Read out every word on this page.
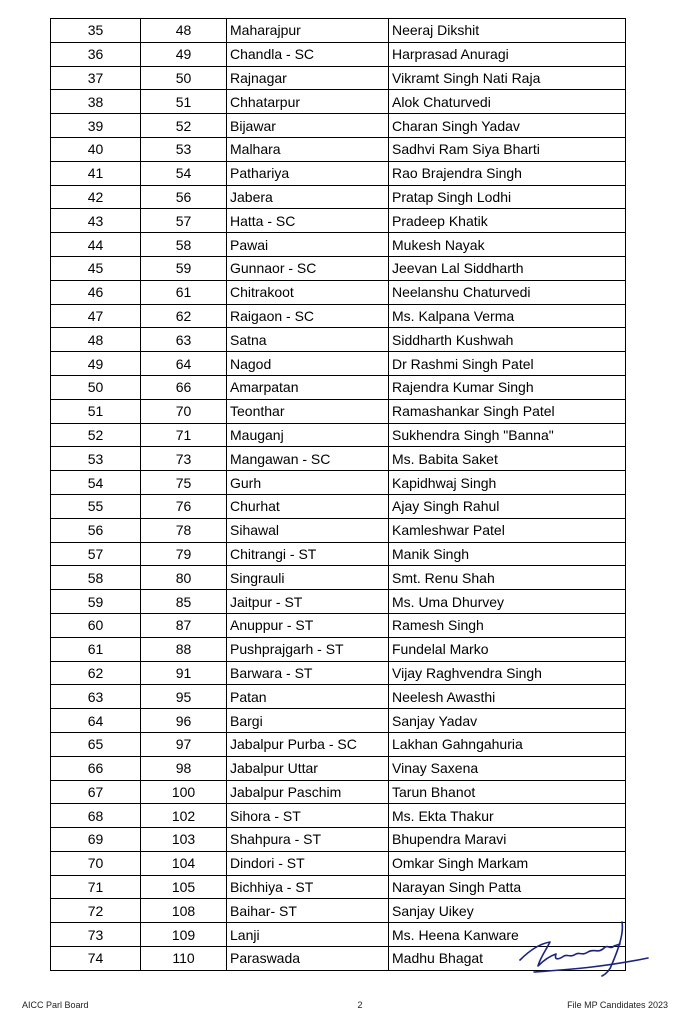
35	48	Maharajpur	Neeraj Dikshit
36	49	Chandla - SC	Harprasad Anuragi
37	50	Rajnagar	Vikramt Singh Nati Raja
38	51	Chhatarpur	Alok Chaturvedi
39	52	Bijawar	Charan Singh Yadav
40	53	Malhara	Sadhvi Ram Siya Bharti
41	54	Pathariya	Rao Brajendra Singh
42	56	Jabera	Pratap Singh Lodhi
43	57	Hatta - SC	Pradeep Khatik
44	58	Pawai	Mukesh Nayak
45	59	Gunnaor - SC	Jeevan Lal Siddharth
46	61	Chitrakoot	Neelanshu Chaturvedi
47	62	Raigaon - SC	Ms. Kalpana Verma
48	63	Satna	Siddharth Kushwah
49	64	Nagod	Dr Rashmi Singh Patel
50	66	Amarpatan	Rajendra Kumar Singh
51	70	Teonthar	Ramashankar Singh Patel
52	71	Mauganj	Sukhendra Singh "Banna"
53	73	Mangawan - SC	Ms. Babita Saket
54	75	Gurh	Kapidhwaj Singh
55	76	Churhat	Ajay Singh Rahul
56	78	Sihawal	Kamleshwar Patel
57	79	Chitrangi - ST	Manik Singh
58	80	Singrauli	Smt. Renu Shah
59	85	Jaitpur - ST	Ms. Uma Dhurvey
60	87	Anuppur - ST	Ramesh Singh
61	88	Pushprajgarh - ST	Fundelal Marko
62	91	Barwara - ST	Vijay Raghvendra Singh
63	95	Patan	Neelesh Awasthi
64	96	Bargi	Sanjay Yadav
65	97	Jabalpur Purba - SC	Lakhan Gahngahuria
66	98	Jabalpur Uttar	Vinay Saxena
67	100	Jabalpur Paschim	Tarun Bhanot
68	102	Sihora - ST	Ms. Ekta Thakur
69	103	Shahpura - ST	Bhupendra Maravi
70	104	Dindori - ST	Omkar Singh Markam
71	105	Bichhiya - ST	Narayan Singh Patta
72	108	Baihar- ST	Sanjay Uikey
73	109	Lanji	Ms. Heena Kanware
74	110	Paraswada	Madhu Bhagat
AICC Parl Board	2	File MP Candidates 2023
